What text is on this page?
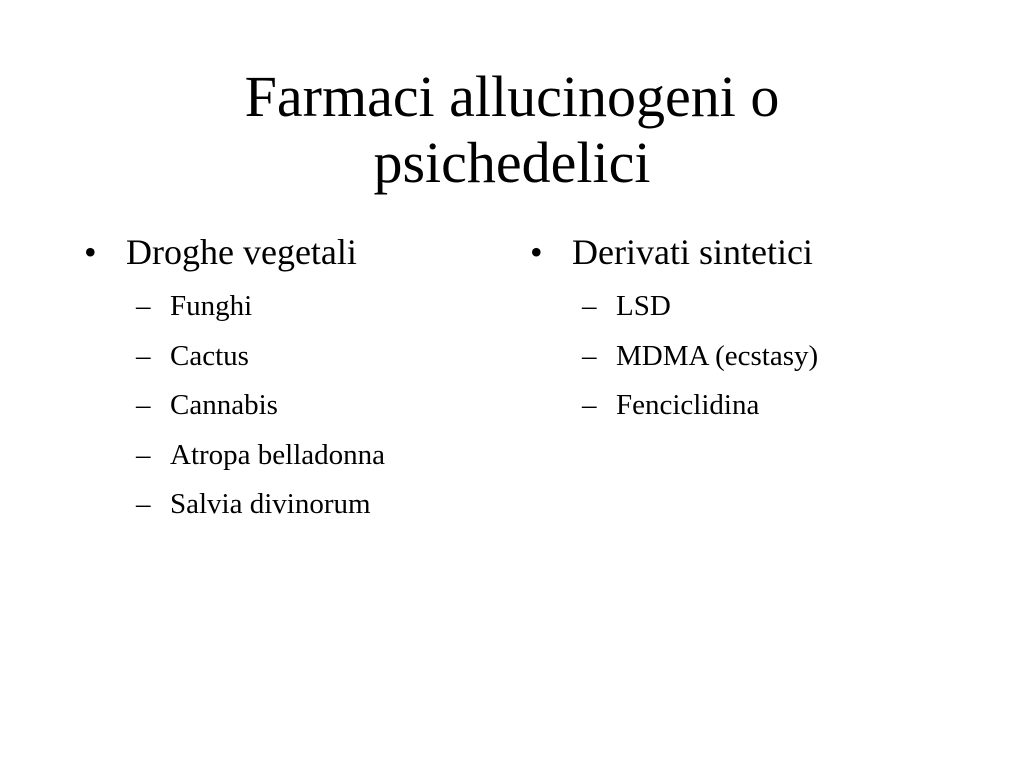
Farmaci allucinogeni o
psichedelici
• Droghe vegetali
– Funghi
– Cactus
– Cannabis
– Atropa belladonna
– Salvia divinorum
• Derivati sintetici
– LSD
– MDMA (ecstasy)
– Fenciclidina
